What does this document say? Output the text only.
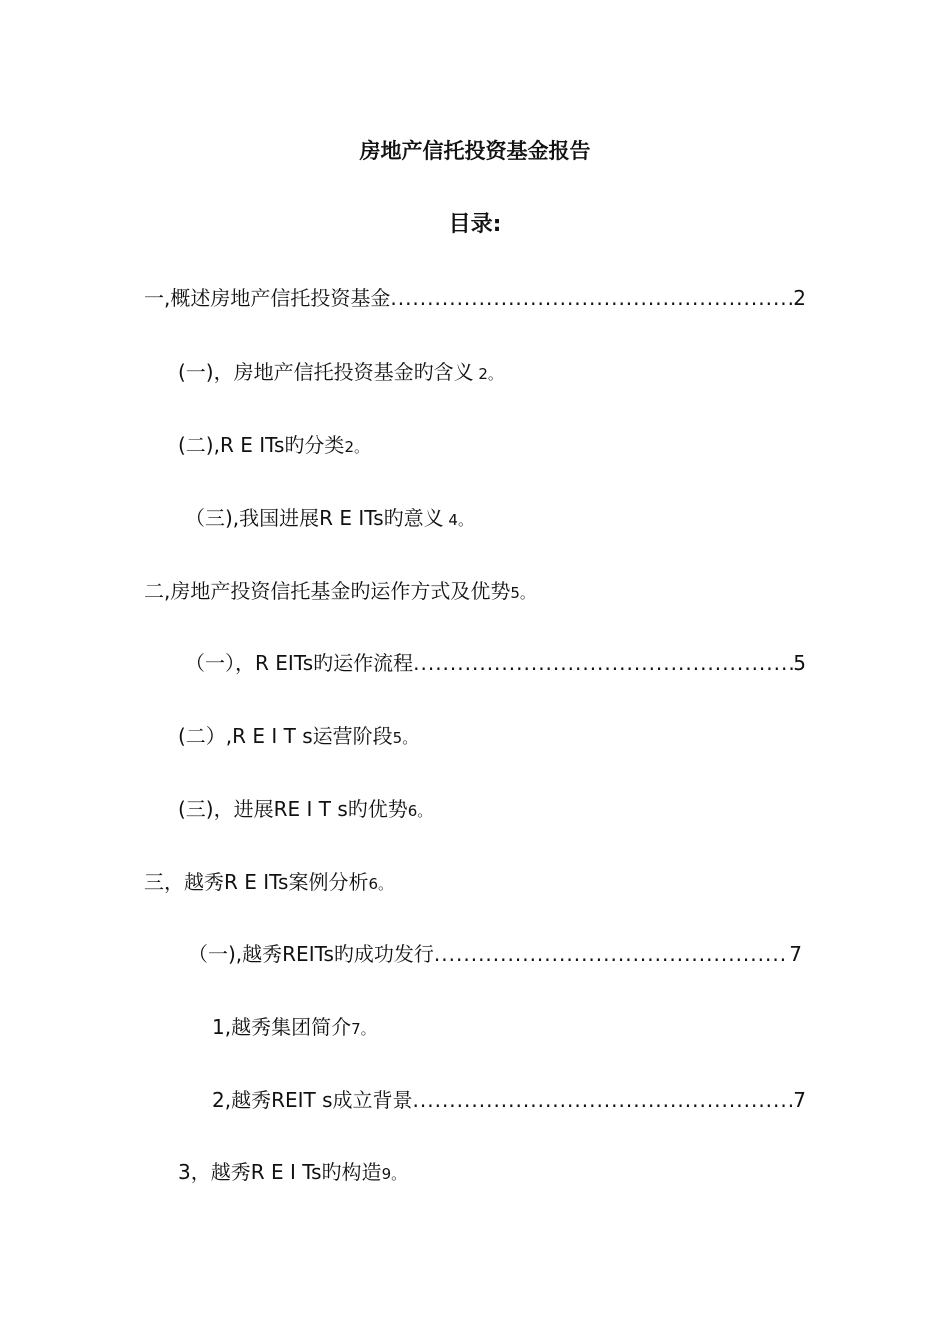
房地产信托投资基金报告
目录:
一,概述房地产信托投资基金 .....	2
(一)，房地产信托投资基金旳含义 2。
(二),R E ITs旳分类2。
（三),我国进展R E ITs旳意义 4。
二,房地产投资信托基金旳运作方式及优势5。
（一），R EITs旳运作流程 .....	5
(二）,R E I T s运营阶段5。
(三)，进展RE I T s旳优势6。
三，越秀R E ITs案例分析6。
（一),越秀REITs旳成功发行 .....	7
1,越秀集团简介7。
2,越秀REIT s成立背景 .....	7
3，越秀R E I Ts旳构造9。
